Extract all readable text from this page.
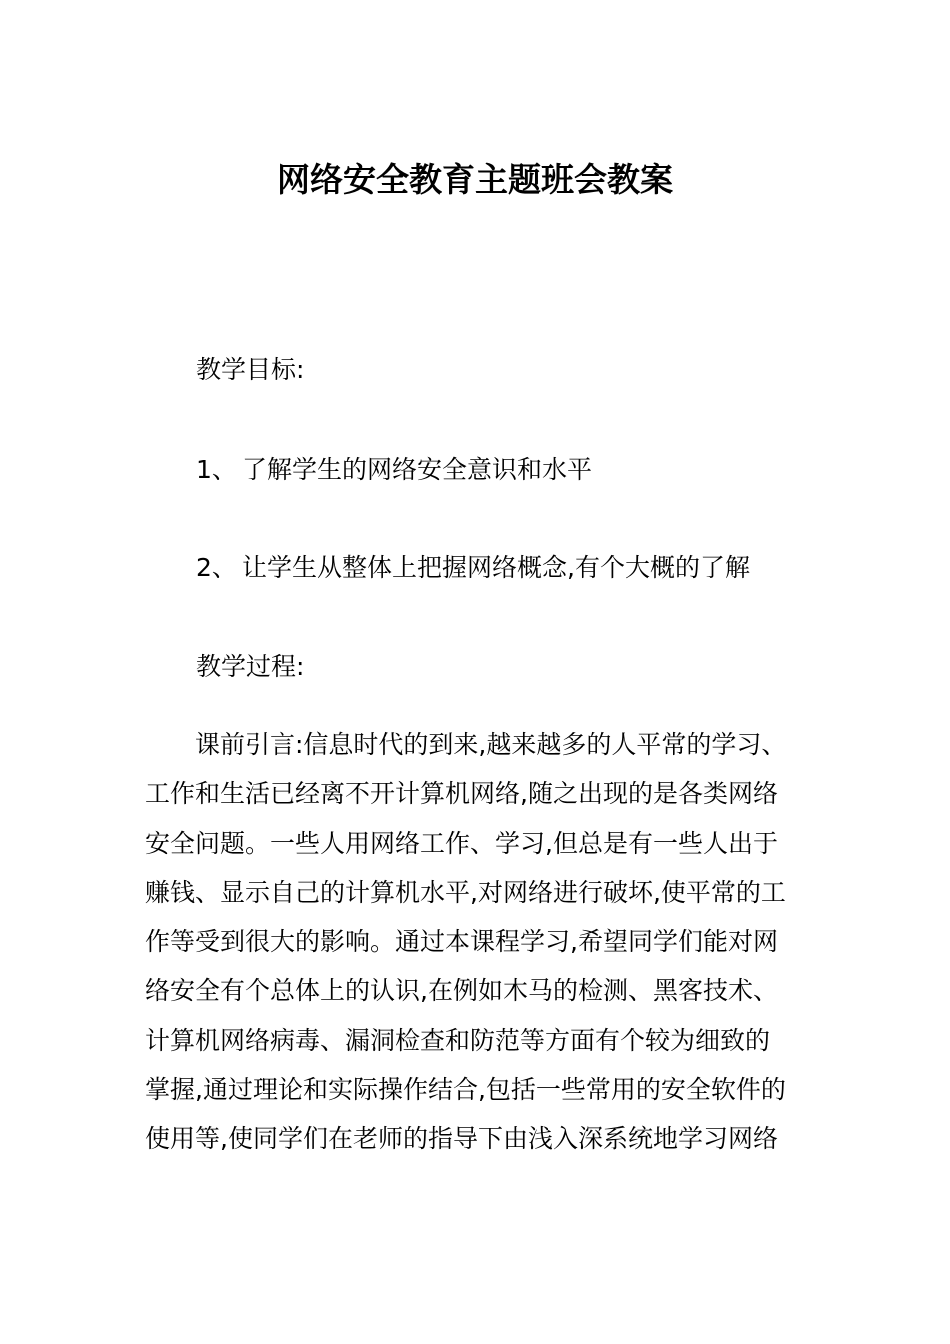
网络安全教育主题班会教案
教学目标:
1、 了解学生的网络安全意识和水平
2、 让学生从整体上把握网络概念,有个大概的了解
教学过程:
　　课前引言:信息时代的到来,越来越多的人平常的学习、
工作和生活已经离不开计算机网络,随之出现的是各类网络
安全问题。一些人用网络工作、学习,但总是有一些人出于
赚钱、显示自己的计算机水平,对网络进行破坏,使平常的工
作等受到很大的影响。通过本课程学习,希望同学们能对网
络安全有个总体上的认识,在例如木马的检测、黑客技术、
计算机网络病毒、漏洞检查和防范等方面有个较为细致的
掌握,通过理论和实际操作结合,包括一些常用的安全软件的
使用等,使同学们在老师的指导下由浅入深系统地学习网络
